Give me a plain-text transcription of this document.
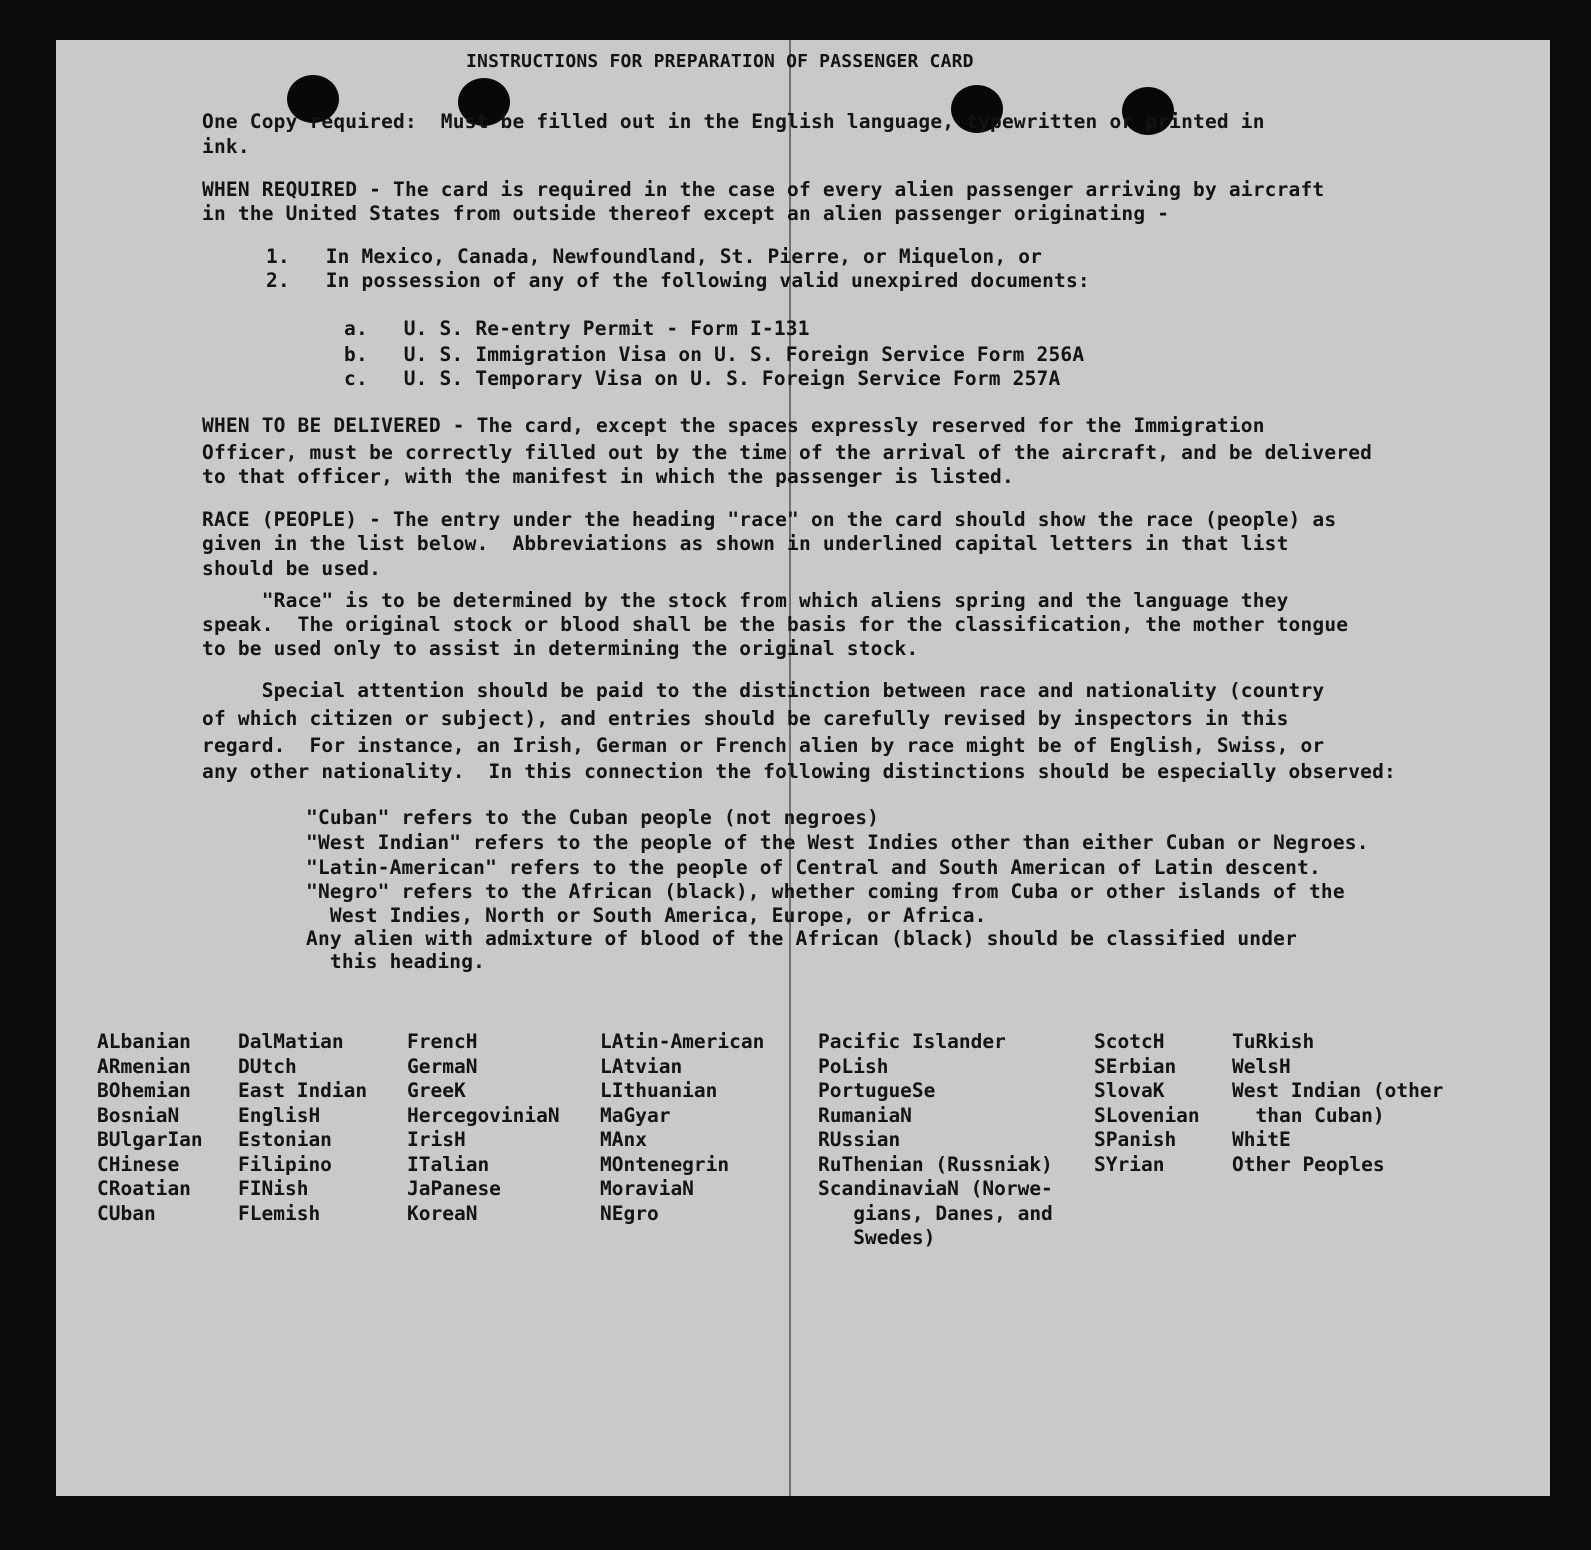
INSTRUCTIONS FOR PREPARATION OF PASSENGER CARD
One Copy required:  Must be filled out in the English language, typewritten or printed in
ink.
WHEN REQUIRED - The card is required in the case of every alien passenger arriving by aircraft
in the United States from outside thereof except an alien passenger originating -
1.   In Mexico, Canada, Newfoundland, St. Pierre, or Miquelon, or
2.   In possession of any of the following valid unexpired documents:
a.   U. S. Re-entry Permit - Form I-131
b.   U. S. Immigration Visa on U. S. Foreign Service Form 256A
c.   U. S. Temporary Visa on U. S. Foreign Service Form 257A
WHEN TO BE DELIVERED - The card, except the spaces expressly reserved for the Immigration
Officer, must be correctly filled out by the time of the arrival of the aircraft, and be delivered
to that officer, with the manifest in which the passenger is listed.
RACE (PEOPLE) - The entry under the heading "race" on the card should show the race (people) as
given in the list below.  Abbreviations as shown in underlined capital letters in that list
should be used.
"Race" is to be determined by the stock from which aliens spring and the language they
speak.  The original stock or blood shall be the basis for the classification, the mother tongue
to be used only to assist in determining the original stock.
Special attention should be paid to the distinction between race and nationality (country
of which citizen or subject), and entries should be carefully revised by inspectors in this
regard.  For instance, an Irish, German or French alien by race might be of English, Swiss, or
any other nationality.  In this connection the following distinctions should be especially observed:
"Cuban" refers to the Cuban people (not negroes)
"West Indian" refers to the people of the West Indies other than either Cuban or Negroes.
"Latin-American" refers to the people of Central and South American of Latin descent.
"Negro" refers to the African (black), whether coming from Cuba or other islands of the
West Indies, North or South America, Europe, or Africa.
Any alien with admixture of blood of the African (black) should be classified under
this heading.
ALbanian
ARmenian
BOhemian
BosniaN
BUlgarIan
CHinese
CRoatian
CUban
DalMatian
DUtch
East Indian
EnglisH
Estonian
Filipino
FINish
FLemish
FrencH
GermaN
GreeK
HercegoviniaN
IrisH
ITalian
JaPanese
KoreaN
LAtin-American
LAtvian
LIthuanian
MaGyar
MAnx
MOntenegrin
MoraviaN
NEgro
Pacific Islander
PoLish
PortugueSe
RumaniaN
RUssian
RuThenian (Russniak)
ScandinaviaN (Norwe-
gians, Danes, and
Swedes)
ScotcH
SErbian
SlovaK
SLovenian
SPanish
SYrian
TuRkish
WelsH
West Indian (other
than Cuban)
WhitE
Other Peoples
